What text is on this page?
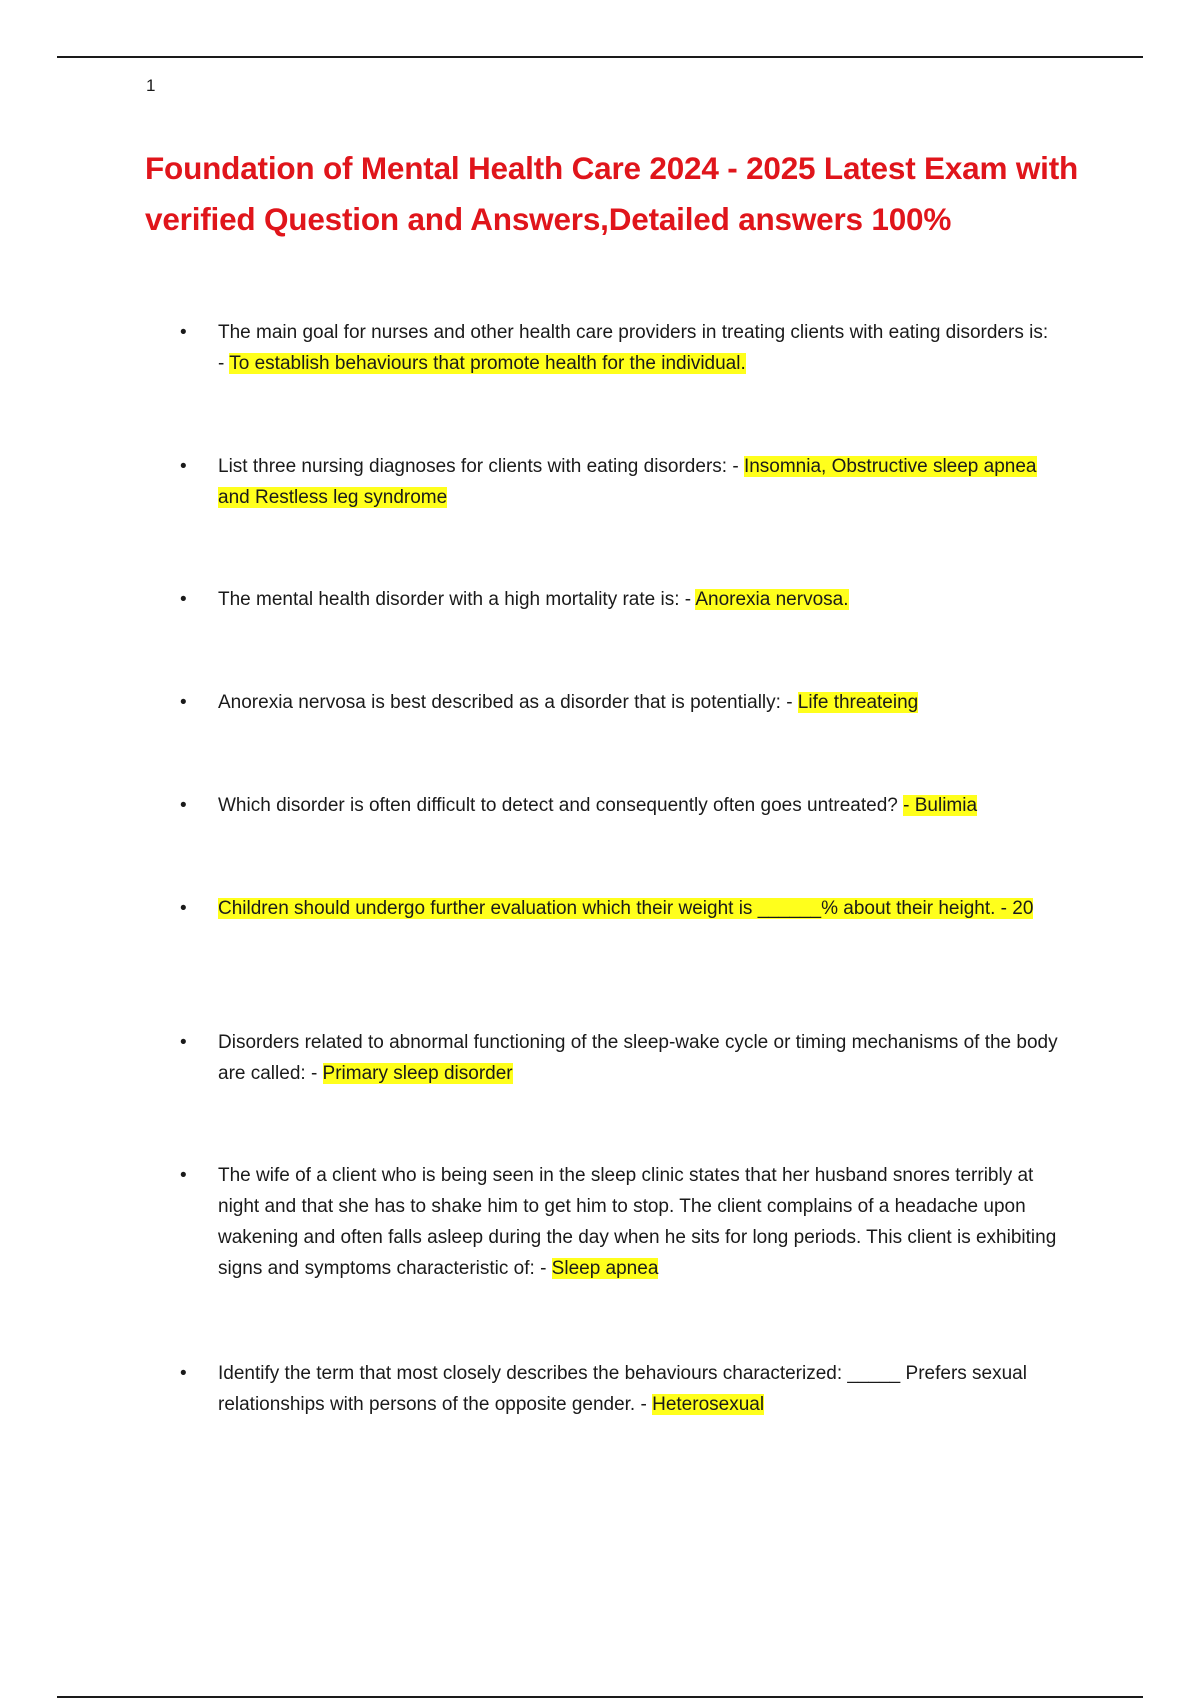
1
Foundation of Mental Health Care 2024 - 2025 Latest Exam with verified Question and Answers,Detailed answers 100%
• The main goal for nurses and other health care providers in treating clients with eating disorders is: - To establish behaviours that promote health for the individual.
• List three nursing diagnoses for clients with eating disorders: - Insomnia, Obstructive sleep apnea and Restless leg syndrome
• The mental health disorder with a high mortality rate is: - Anorexia nervosa.
• Anorexia nervosa is best described as a disorder that is potentially: - Life threateing
• Which disorder is often difficult to detect and consequently often goes untreated? - Bulimia
• Children should undergo further evaluation which their weight is ______% about their height. - 20
• Disorders related to abnormal functioning of the sleep-wake cycle or timing mechanisms of the body are called: - Primary sleep disorder
• The wife of a client who is being seen in the sleep clinic states that her husband snores terribly at night and that she has to shake him to get him to stop. The client complains of a headache upon wakening and often falls asleep during the day when he sits for long periods. This client is exhibiting signs and symptoms characteristic of: - Sleep apnea
• Identify the term that most closely describes the behaviours characterized: _____ Prefers sexual relationships with persons of the opposite gender. - Heterosexual
